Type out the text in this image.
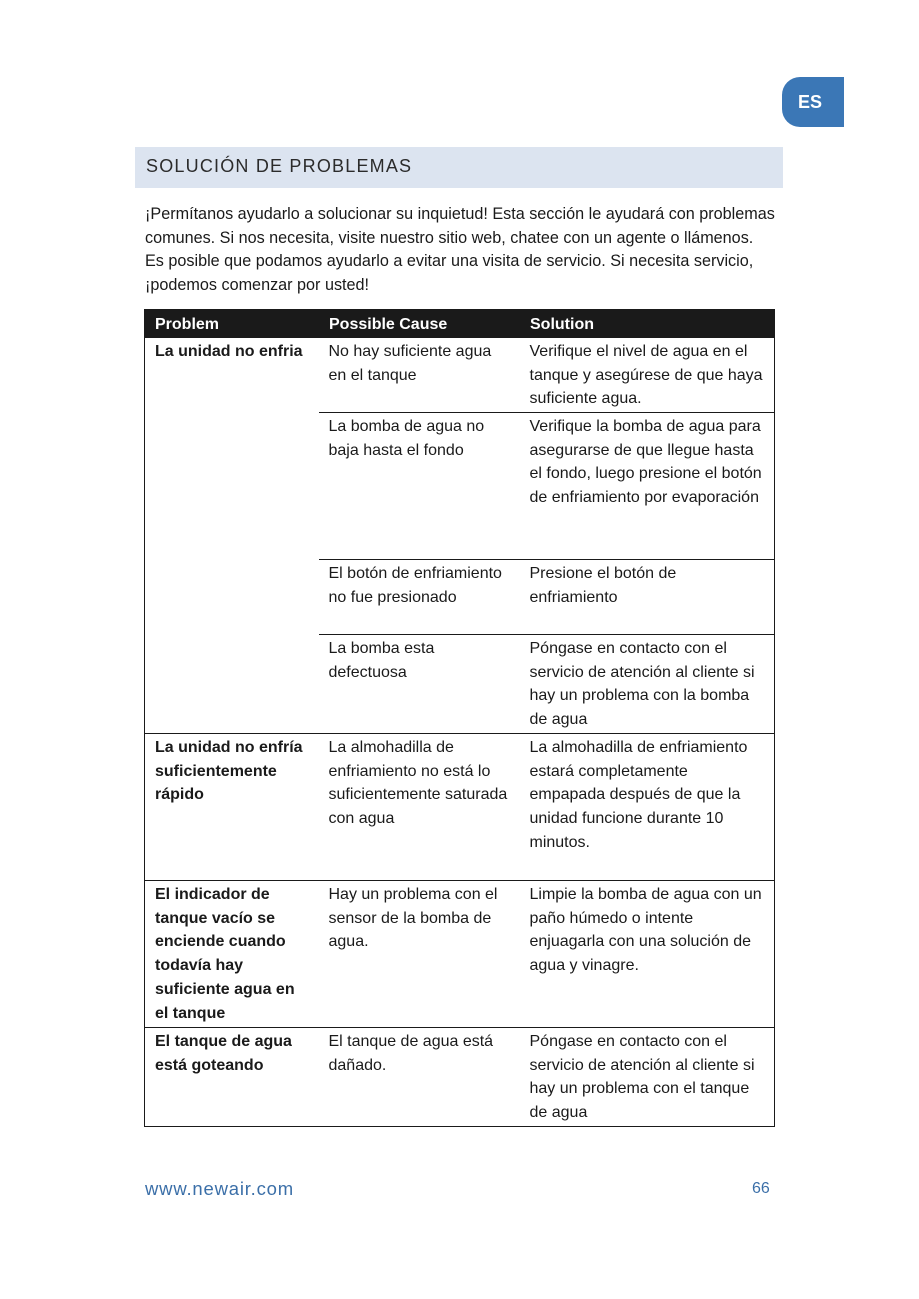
ES
SOLUCIÓN DE PROBLEMAS

¡Permítanos ayudarlo a solucionar su inquietud! Esta sección le ayudará con problemas comunes. Si nos necesita, visite nuestro sitio web, chatee con un agente o llámenos. Es posible que podamos ayudarlo a evitar una visita de servicio. Si necesita servicio, ¡podemos comenzar por usted!

Problem	Possible Cause	Solution
La unidad no enfria	No hay suficiente agua en el tanque	Verifique el nivel de agua en el tanque y asegúrese de que haya suficiente agua.
	La bomba de agua no baja hasta el fondo	Verifique la bomba de agua para asegurarse de que llegue hasta el fondo, luego presione el botón de enfriamiento por evaporación
	El botón de enfriamiento no fue presionado	Presione el botón de enfriamiento
	La bomba esta defectuosa	Póngase en contacto con el servicio de atención al cliente si hay un problema con la bomba de agua
La unidad no enfría suficientemente rápido	La almohadilla de enfriamiento no está lo suficientemente saturada con agua	La almohadilla de enfriamiento estará completamente empapada después de que la unidad funcione durante 10 minutos.
El indicador de tanque vacío se enciende cuando todavía hay suficiente agua en el tanque	Hay un problema con el sensor de la bomba de agua.	Limpie la bomba de agua con un paño húmedo o intente enjuagarla con una solución de agua y vinagre.
El tanque de agua está goteando	El tanque de agua está dañado.	Póngase en contacto con el servicio de atención al cliente si hay un problema con el tanque de agua
www.newair.com	66
